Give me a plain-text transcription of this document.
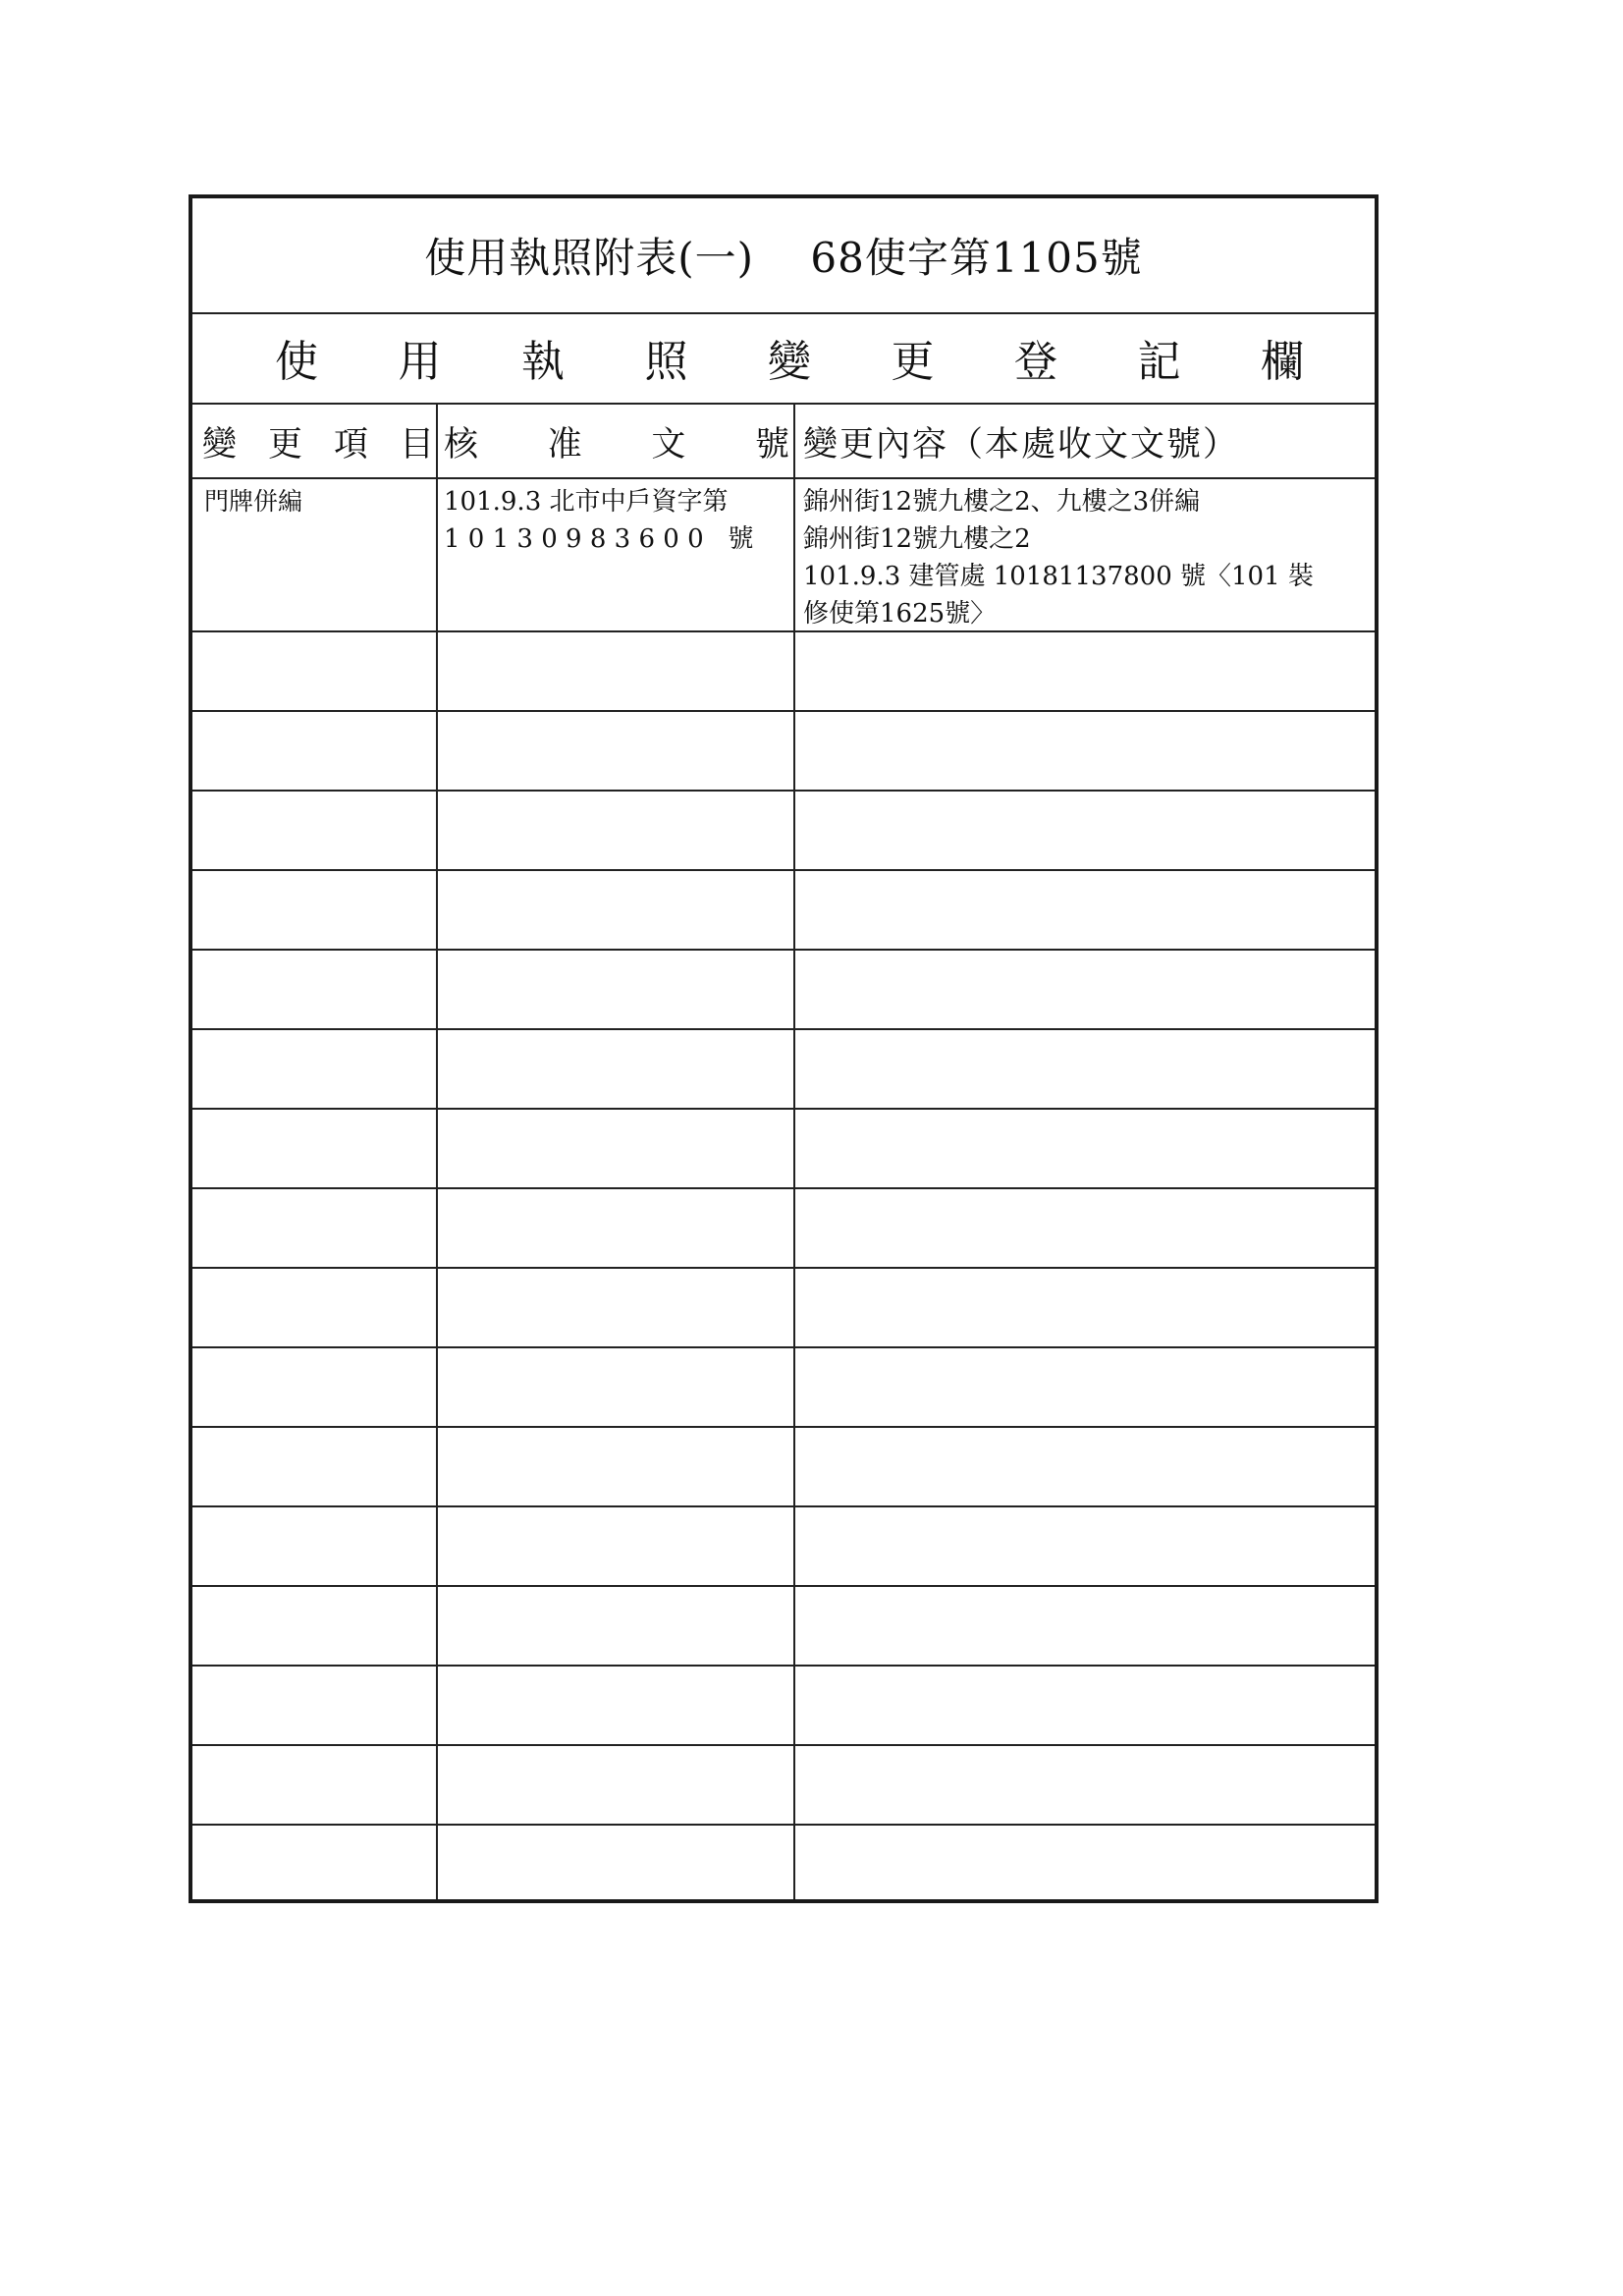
使用執照附表(一)    68使字第1105號
使 用 執 照 變 更 登 記 欄
變 更 項 目 核 准 文 號 變更內容（本處收文文號）
門牌併編	101.9.3 北市中戶資字第
1 0 1 3 0 9 8 3 6 0 0   號
錦州街12號九樓之2、九樓之3併編
錦州街12號九樓之2
101.9.3 建管處 10181137800 號〈101 裝
修使第1625號〉
